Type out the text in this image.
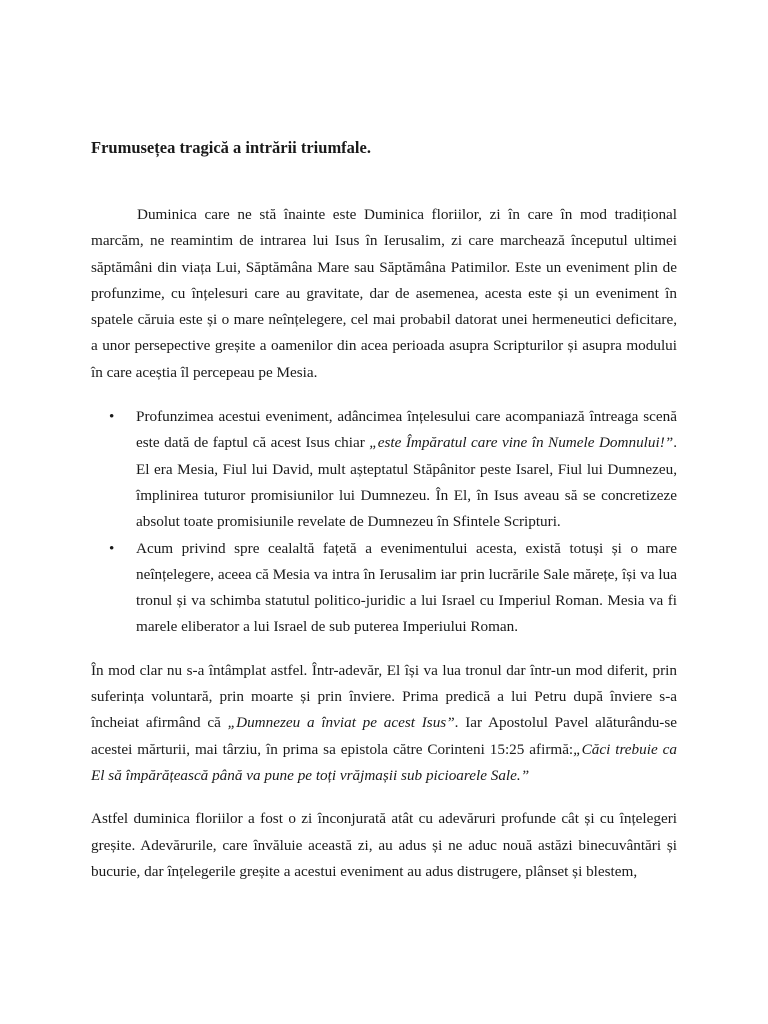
Frumusețea tragică a intrării triumfale.

Duminica care ne stă înainte este Duminica floriilor, zi în care în mod tradițional marcăm, ne reamintim de intrarea lui Isus în Ierusalim, zi care marchează începutul ultimei săptămâni din viața Lui, Săptămâna Mare sau Săptămâna Patimilor. Este un eveniment plin de profunzime, cu înțelesuri care au gravitate, dar de asemenea, acesta este și un eveniment în spatele căruia este și o mare neînțelegere, cel mai probabil datorat unei hermeneutici deficitare, a unor persepective greșite a oamenilor din acea perioada asupra Scripturilor și asupra modului în care aceștia îl percepeau pe Mesia.

• Profunzimea acestui eveniment, adâncimea înțelesului care acompaniază întreaga scenă este dată de faptul că acest Isus chiar „este Împăratul care vine în Numele Domnului!”. El era Mesia, Fiul lui David, mult așteptatul Stăpânitor peste Isarel, Fiul lui Dumnezeu, împlinirea tuturor promisiunilor lui Dumnezeu. În El, în Isus aveau să se concretizeze absolut toate promisiunile revelate de Dumnezeu în Sfintele Scripturi.
• Acum privind spre cealaltă fațetă a evenimentului acesta, există totuși și o mare neînțelegere, aceea că Mesia va intra în Ierusalim iar prin lucrările Sale mărețe, își va lua tronul și va schimba statutul politico-juridic a lui Israel cu Imperiul Roman. Mesia va fi marele eliberator a lui Israel de sub puterea Imperiului Roman.

În mod clar nu s-a întâmplat astfel. Într-adevăr, El își va lua tronul dar într-un mod diferit, prin suferința voluntară, prin moarte și prin înviere. Prima predică a lui Petru după înviere s-a încheiat afirmând că „Dumnezeu a înviat pe acest Isus”. Iar Apostolul Pavel alăturându-se acestei mărturii, mai târziu, în prima sa epistola către Corinteni 15:25 afirmă:„Căci trebuie ca El să împărățească până va pune pe toți vrăjmașii sub picioarele Sale.”

Astfel duminica floriilor a fost o zi înconjurată atât cu adevăruri profunde cât și cu înțelegeri greșite. Adevărurile, care învăluie această zi, au adus și ne aduc nouă astăzi binecuvântări și bucurie, dar înțelegerile greșite a acestui eveniment au adus distrugere, plânset și blestem,
